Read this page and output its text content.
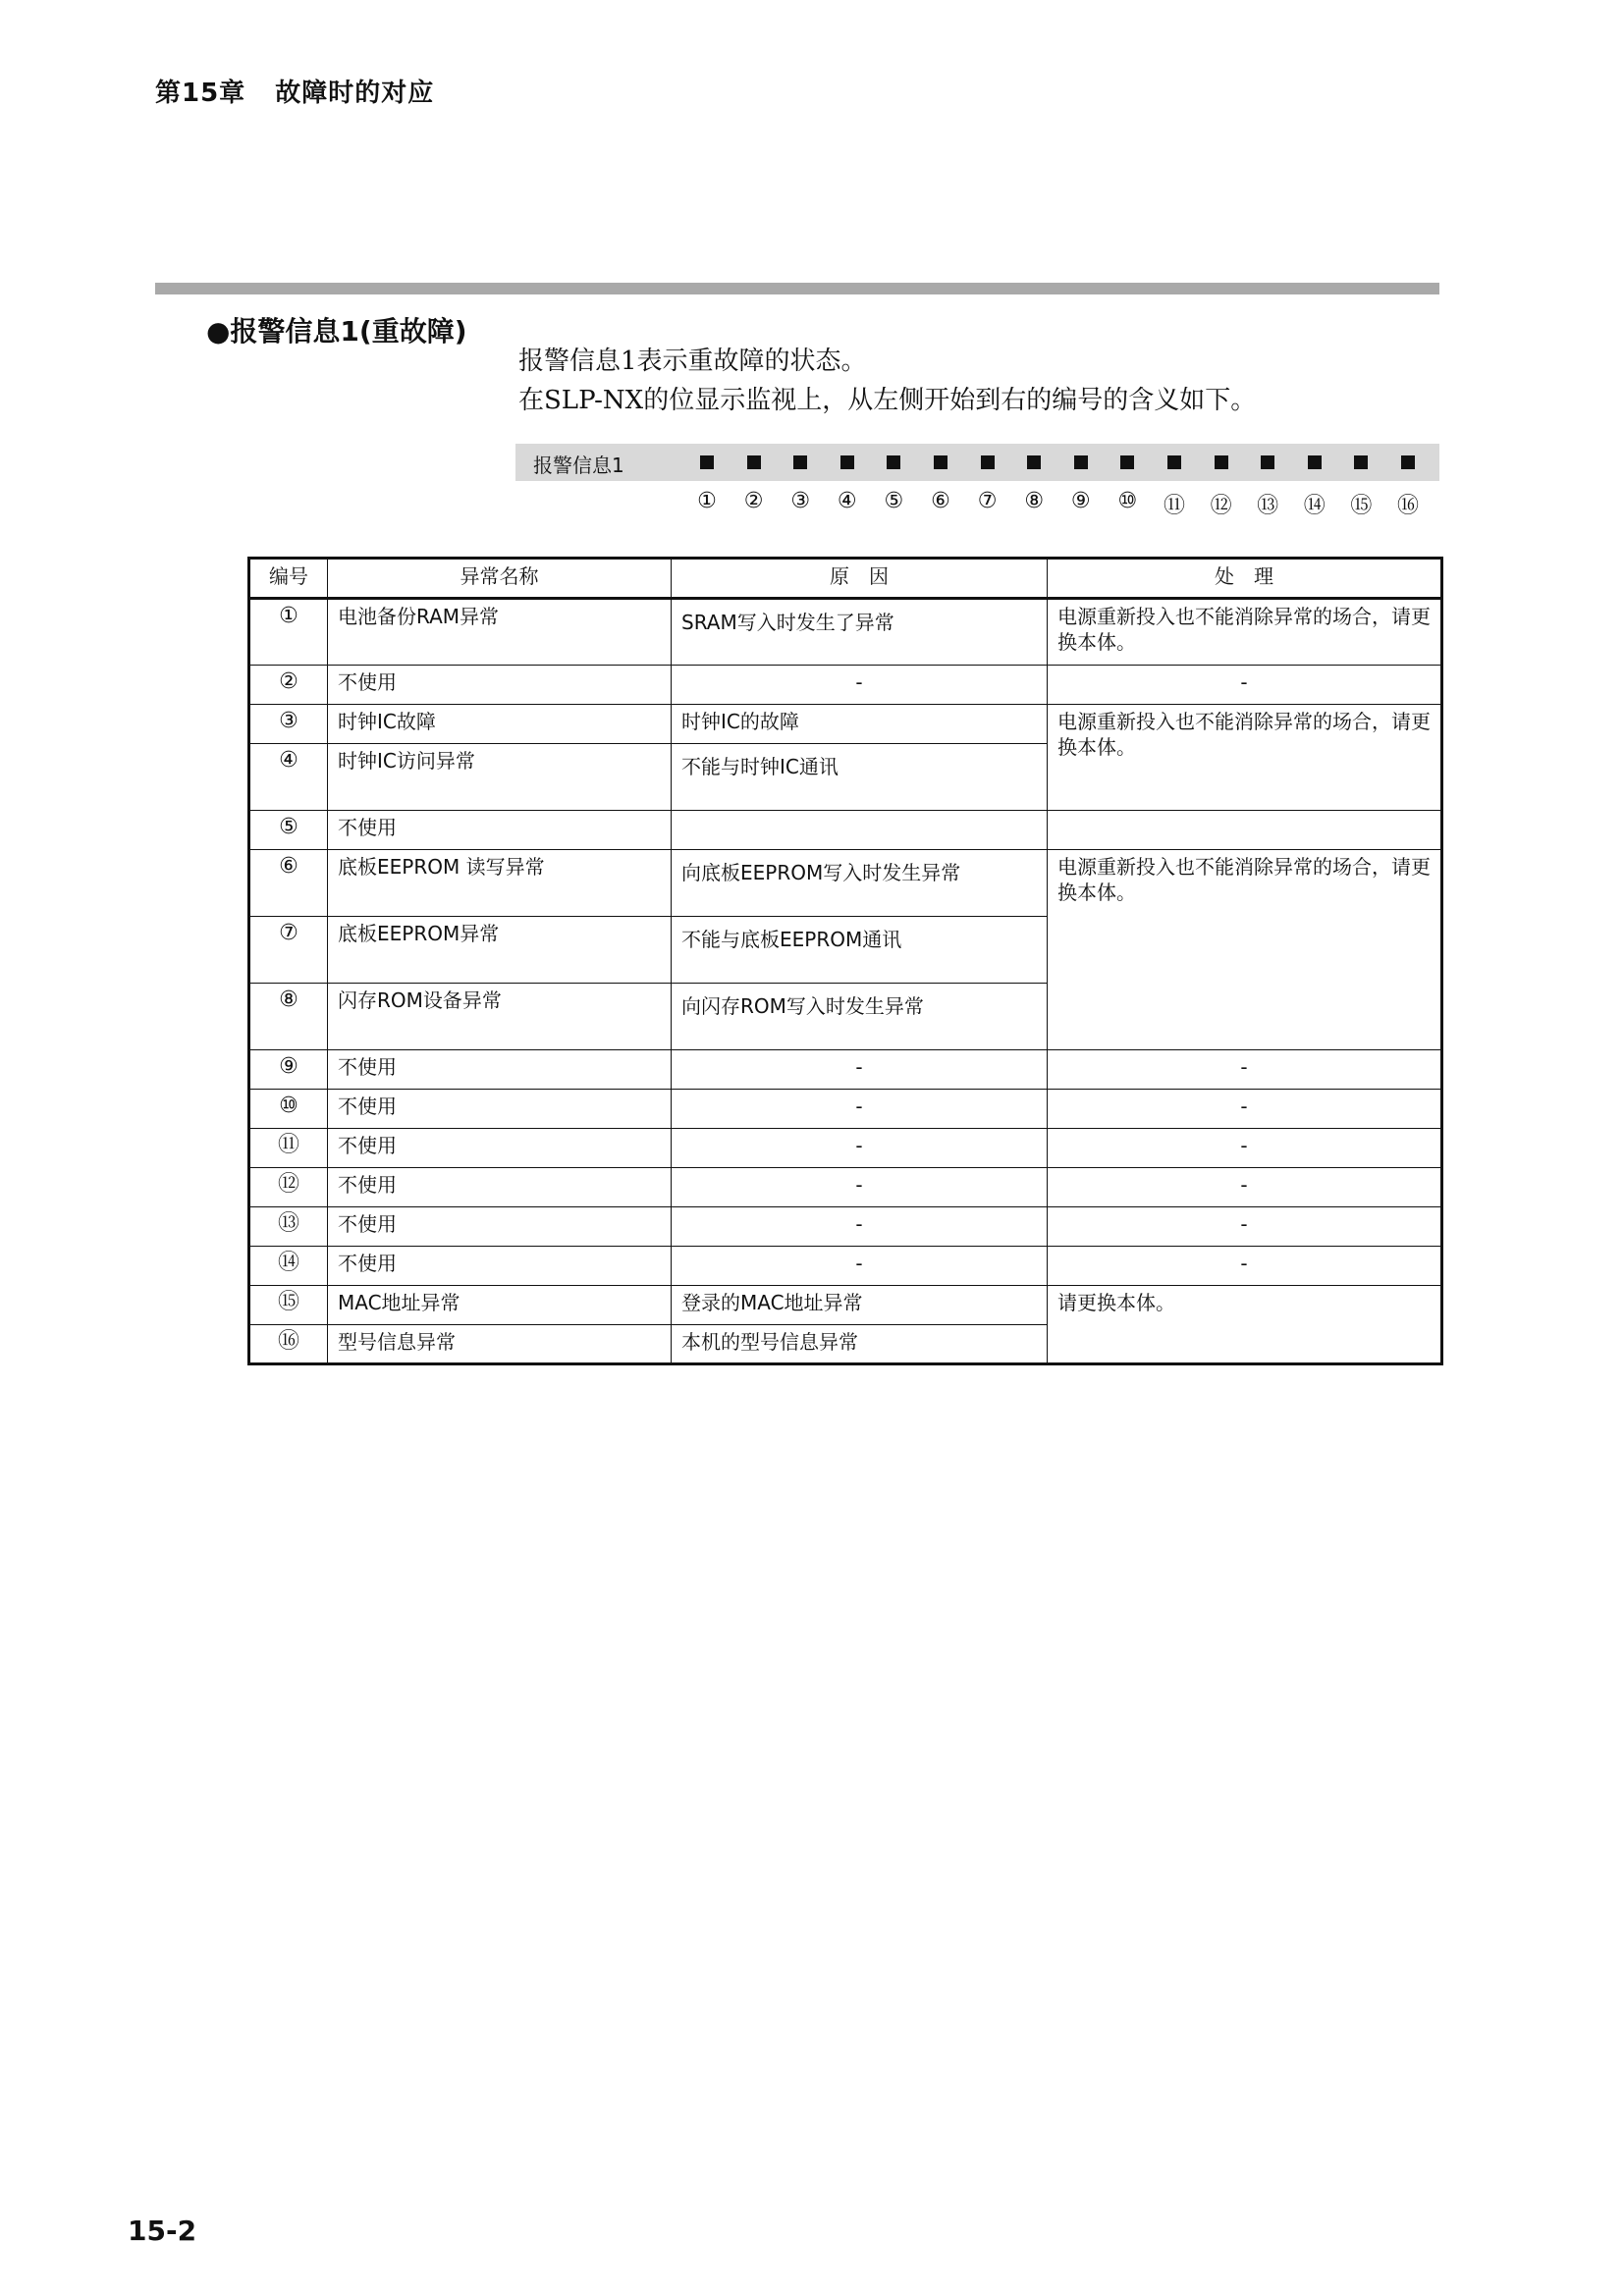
第15章 故障时的对应
●报警信息1(重故障)
报警信息1表示重故障的状态。
在SLP-NX的位显示监视上，从左侧开始到右的编号的含义如下。
报警信息1
①	②	③	④	⑤	⑥	⑦	⑧	⑨	⑩	⑪	⑫	⑬	⑭	⑮	⑯
编号	异常名称	原　因	处　理
①	电池备份RAM异常	SRAM写入时发生了异常	电源重新投入也不能消除异常的场合，请更换本体。
②	不使用	-	-
③	时钟IC故障	时钟IC的故障	电源重新投入也不能消除异常的场合，请更换本体。
④	时钟IC访问异常	不能与时钟IC通讯	
⑤	不使用		
⑥	底板EEPROM 读写异常	向底板EEPROM写入时发生异常	电源重新投入也不能消除异常的场合，请更换本体。
⑦	底板EEPROM异常	不能与底板EEPROM通讯	
⑧	闪存ROM设备异常	向闪存ROM写入时发生异常	
⑨	不使用	-	-
⑩	不使用	-	-
⑪	不使用	-	-
⑫	不使用	-	-
⑬	不使用	-	-
⑭	不使用	-	-
⑮	MAC地址异常	登录的MAC地址异常	请更换本体。
⑯	型号信息异常	本机的型号信息异常	
15-2
